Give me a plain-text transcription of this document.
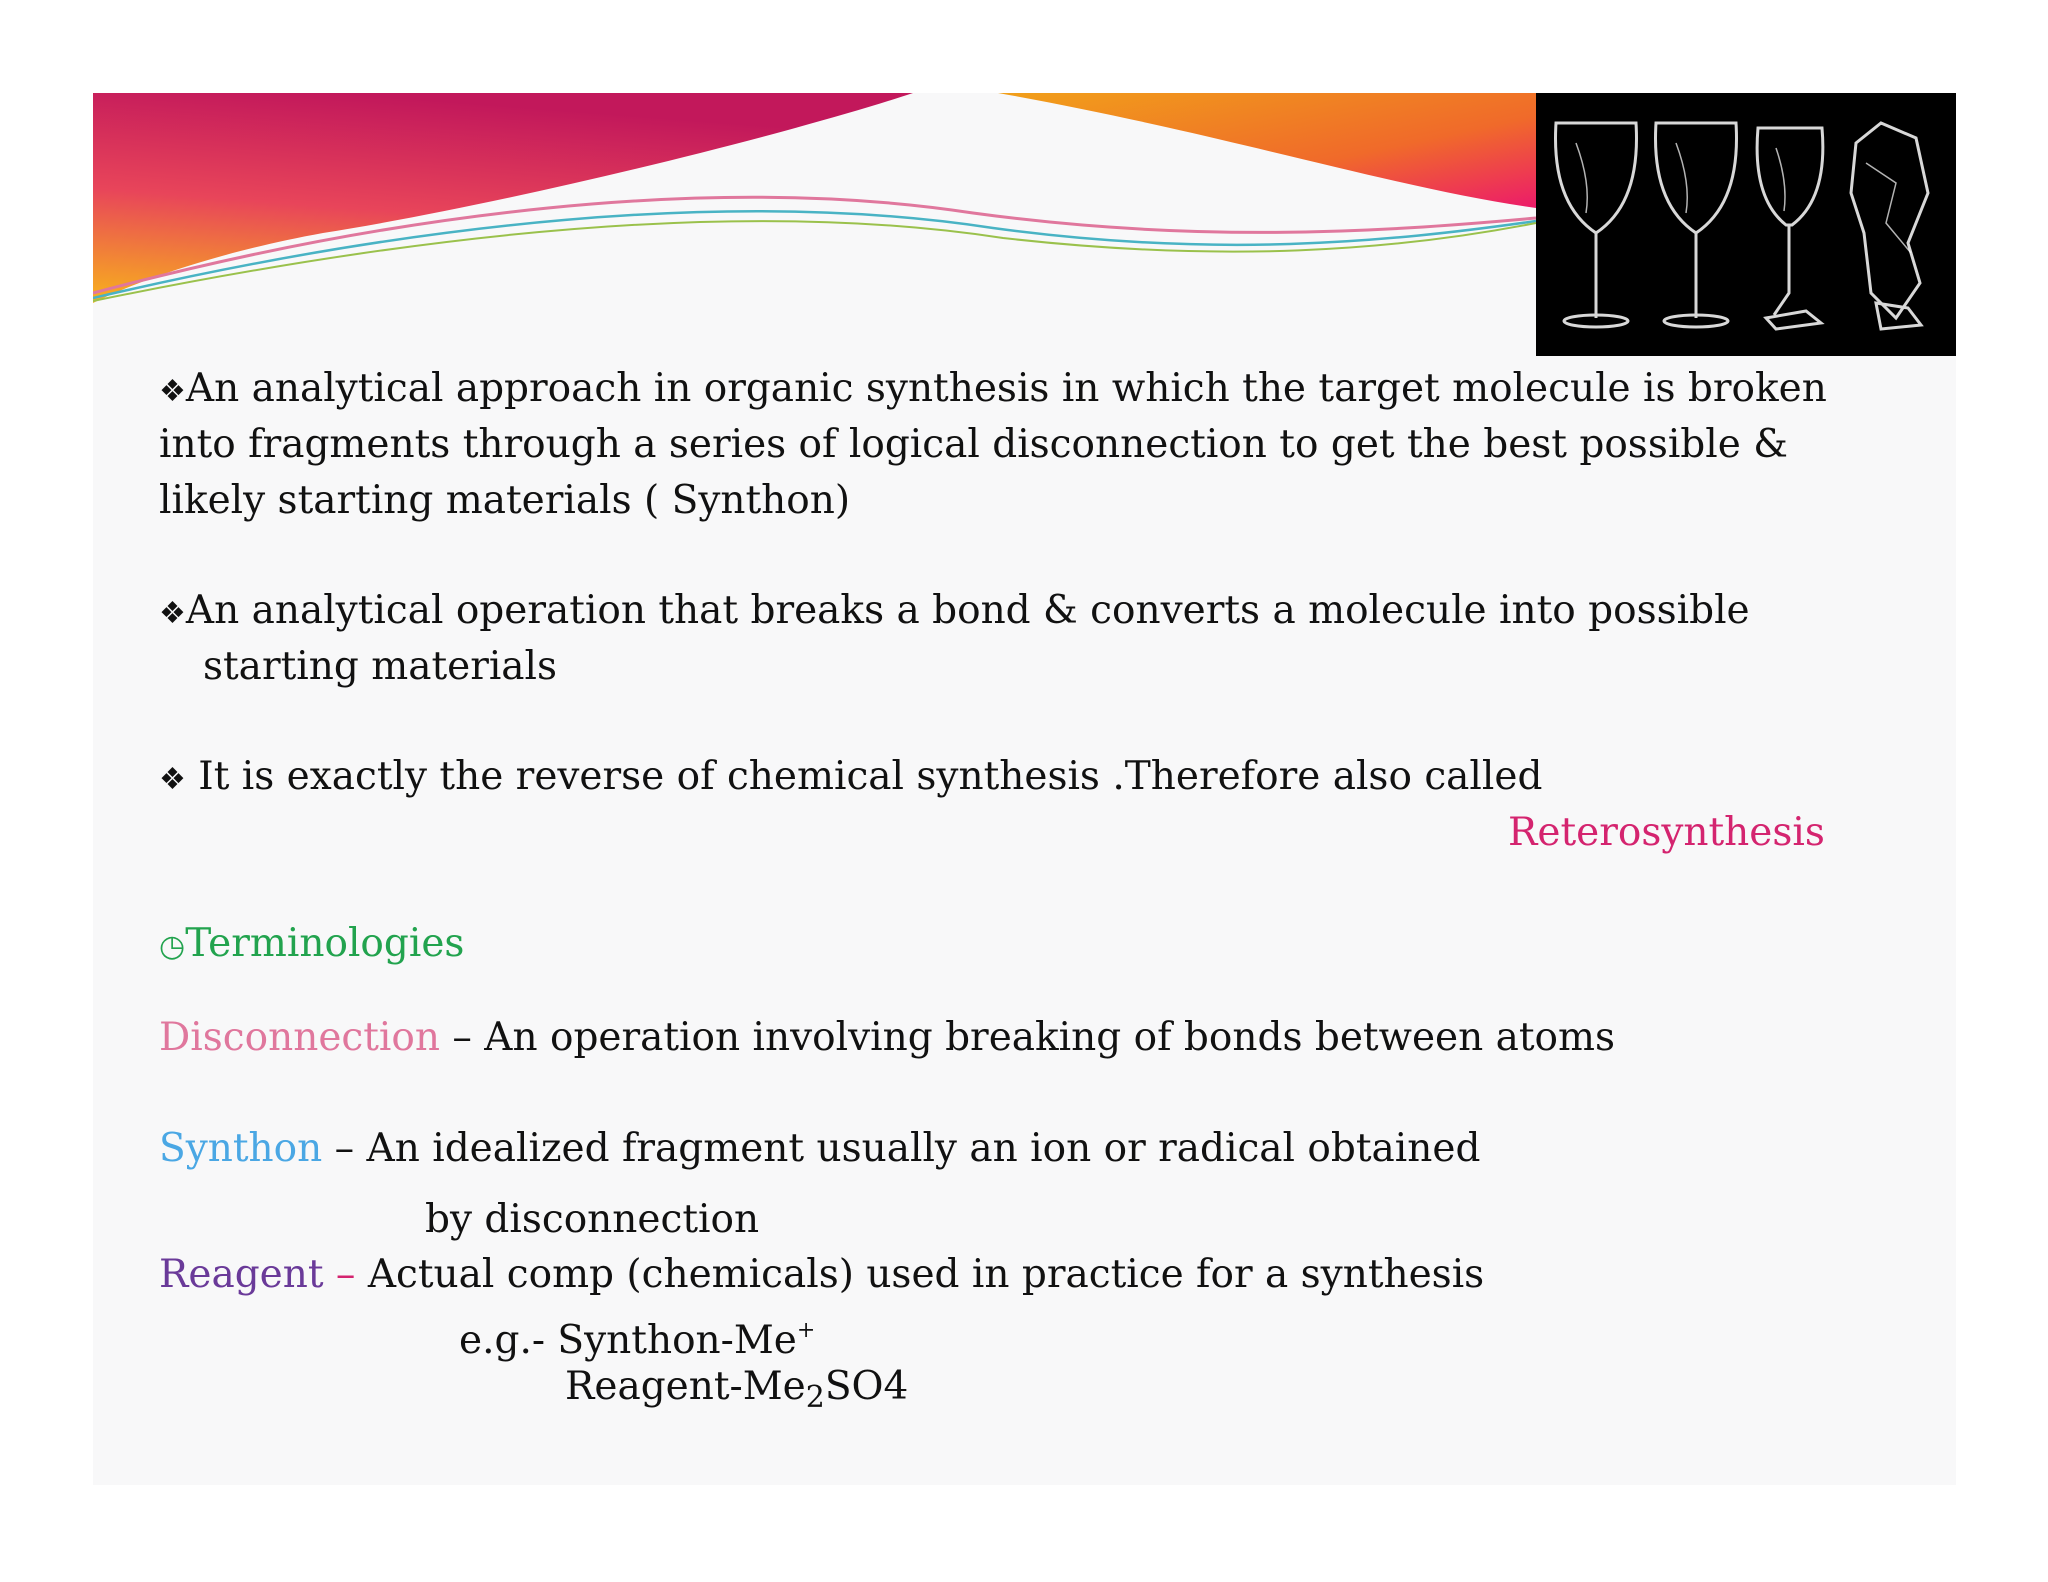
❖An analytical approach in organic synthesis in which the target molecule is broken
into fragments through a series of logical disconnection to get the best possible &
likely starting materials ( Synthon)
❖An analytical operation that breaks a bond & converts a molecule into possible
starting materials
❖ It is exactly the reverse of chemical synthesis .Therefore also called
Reterosynthesis
◷Terminologies
Disconnection – An operation involving breaking of bonds between atoms
Synthon – An idealized fragment usually an ion or radical obtained
by disconnection
Reagent – Actual comp (chemicals) used in practice for a synthesis
e.g.- Synthon-Me+
Reagent-$Me_2SO4$
